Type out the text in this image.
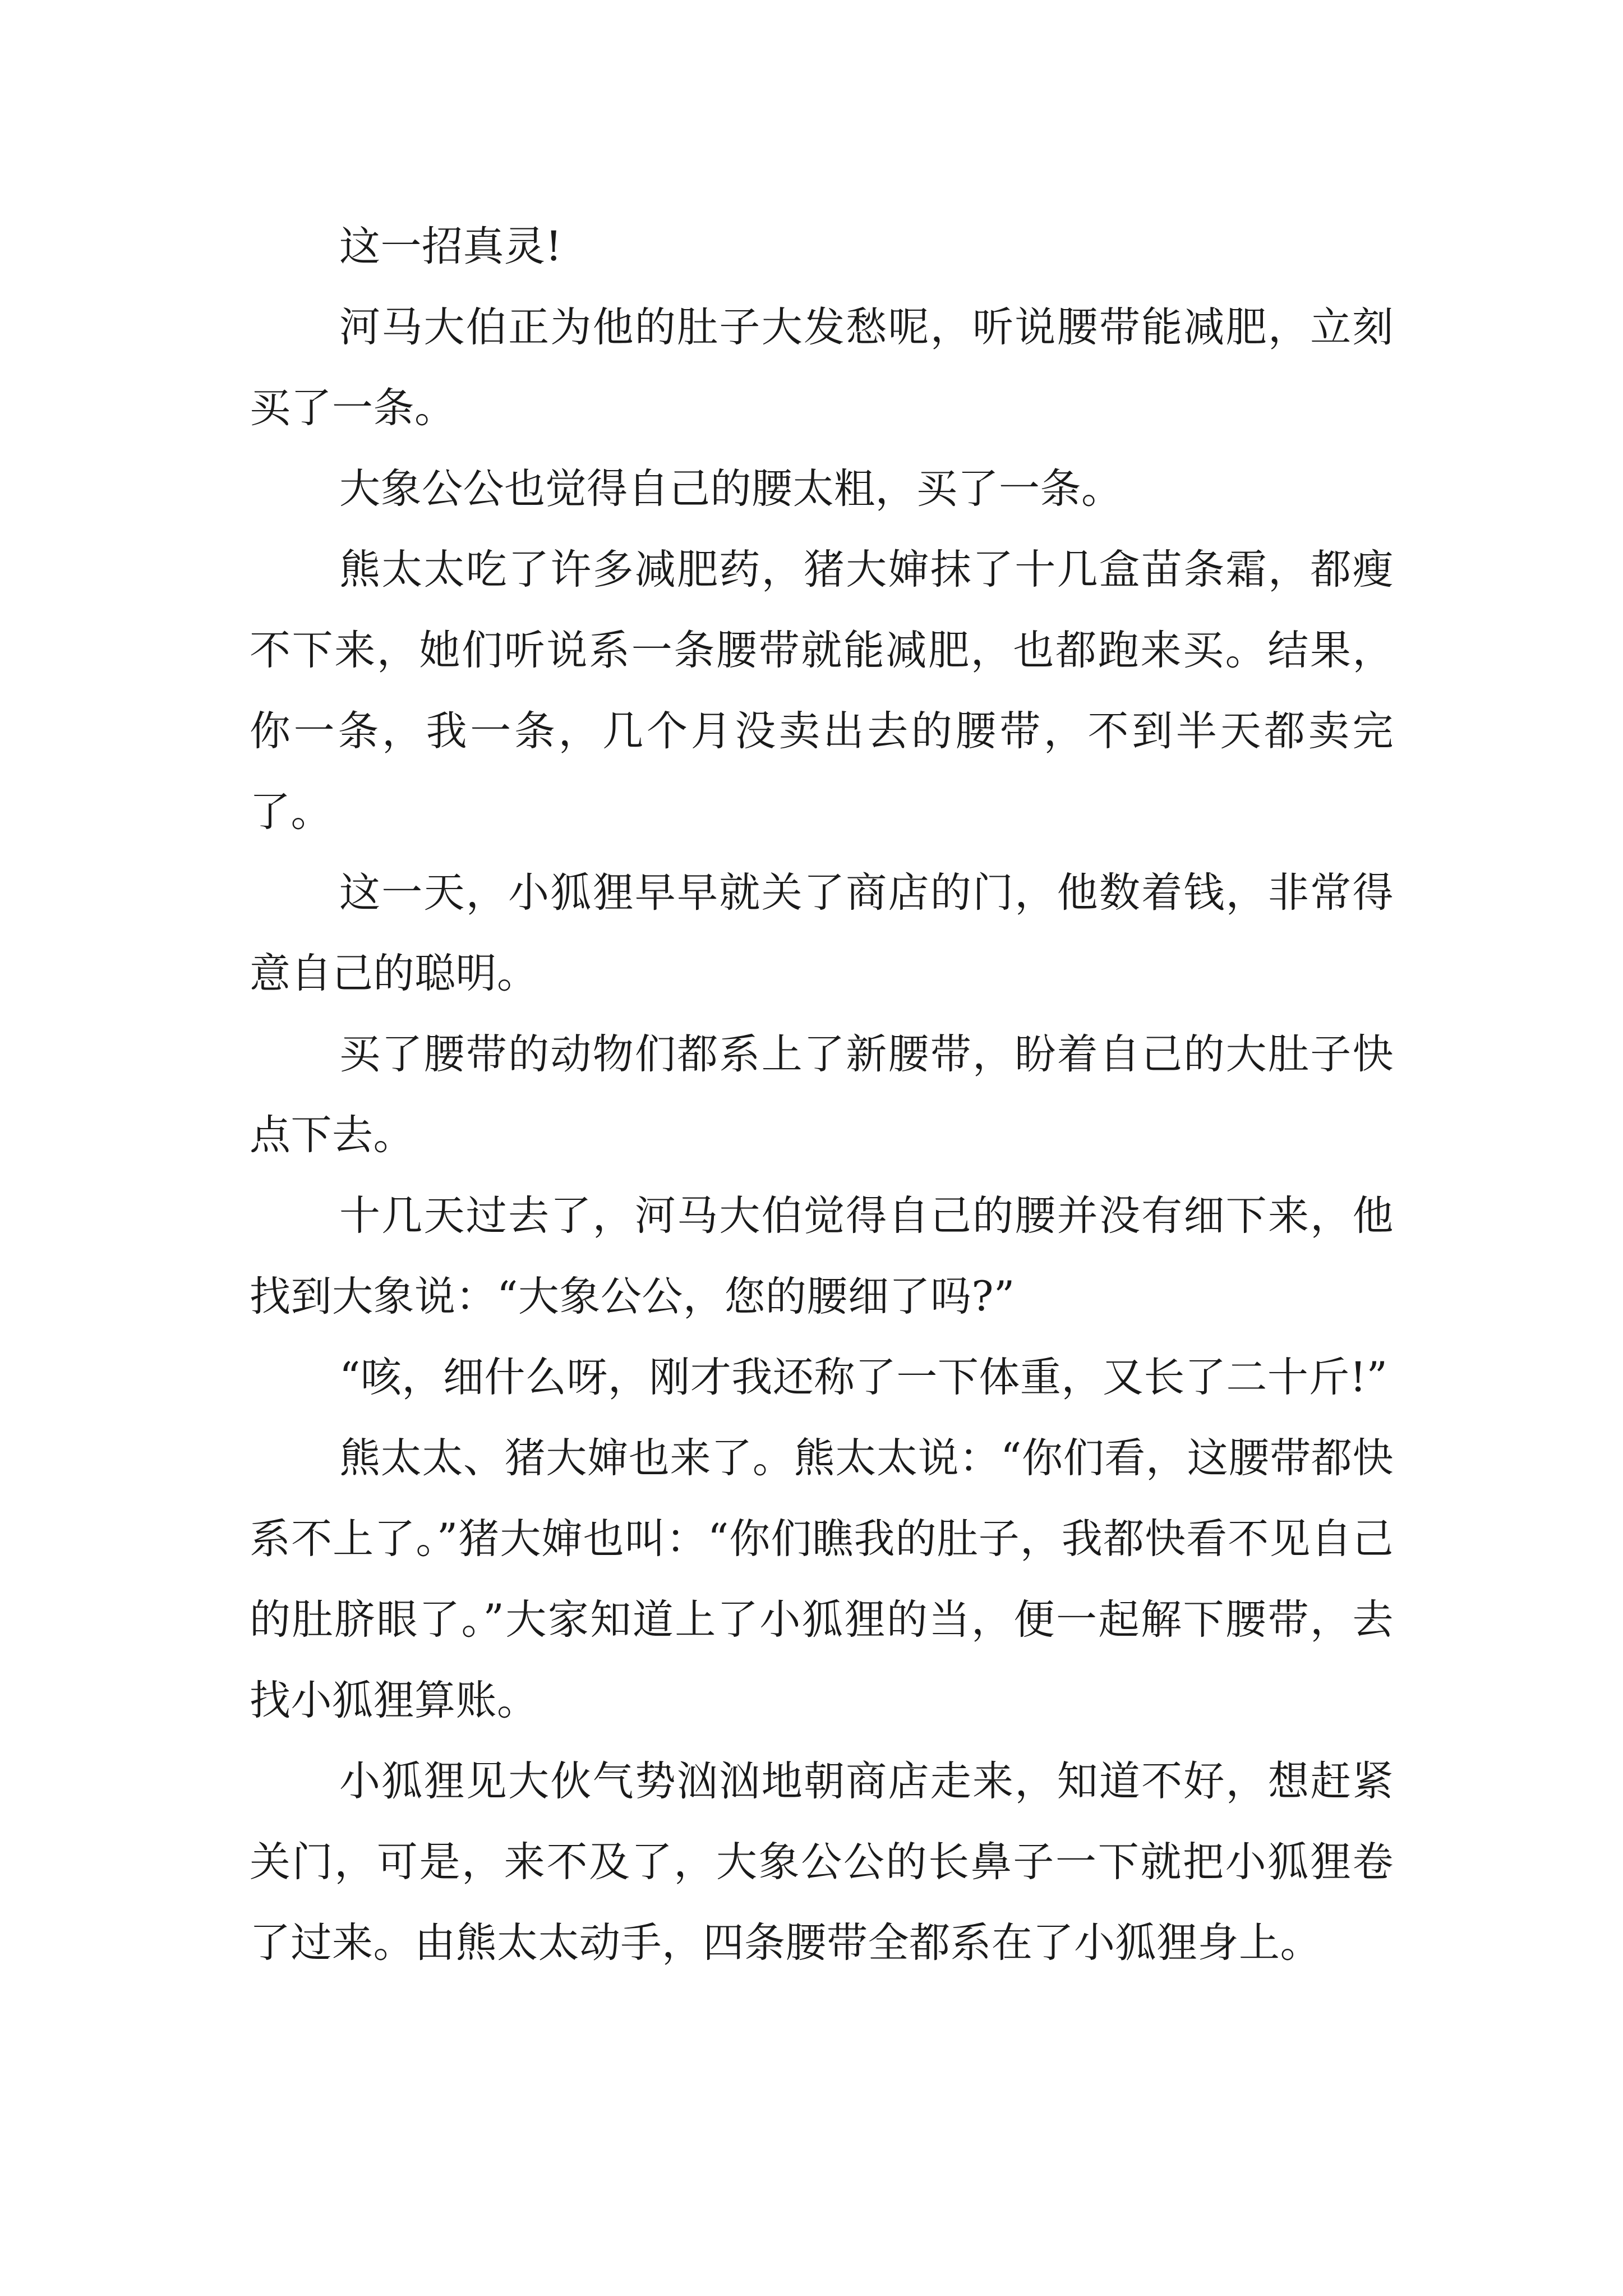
这一招真灵!

河马大伯正为他的肚子大发愁呢，听说腰带能减肥，立刻买了一条。

大象公公也觉得自己的腰太粗，买了一条。

熊太太吃了许多减肥药，猪大婶抹了十几盒苗条霜，都瘦不下来，她们听说系一条腰带就能减肥，也都跑来买。结果，你一条，我一条，几个月没卖出去的腰带，不到半天都卖完了。

这一天，小狐狸早早就关了商店的门，他数着钱，非常得意自己的聪明。

买了腰带的动物们都系上了新腰带，盼着自己的大肚子快点下去。

十几天过去了，河马大伯觉得自己的腰并没有细下来，他找到大象说：“大象公公，您的腰细了吗?”

“咳，细什么呀，刚才我还称了一下体重，又长了二十斤!”

熊太太、猪大婶也来了。熊太太说：“你们看，这腰带都快系不上了。”猪大婶也叫：“你们瞧我的肚子，我都快看不见自己的肚脐眼了。”大家知道上了小狐狸的当，便一起解下腰带，去找小狐狸算账。

小狐狸见大伙气势汹汹地朝商店走来，知道不好，想赶紧关门，可是，来不及了，大象公公的长鼻子一下就把小狐狸卷了过来。由熊太太动手，四条腰带全都系在了小狐狸身上。
